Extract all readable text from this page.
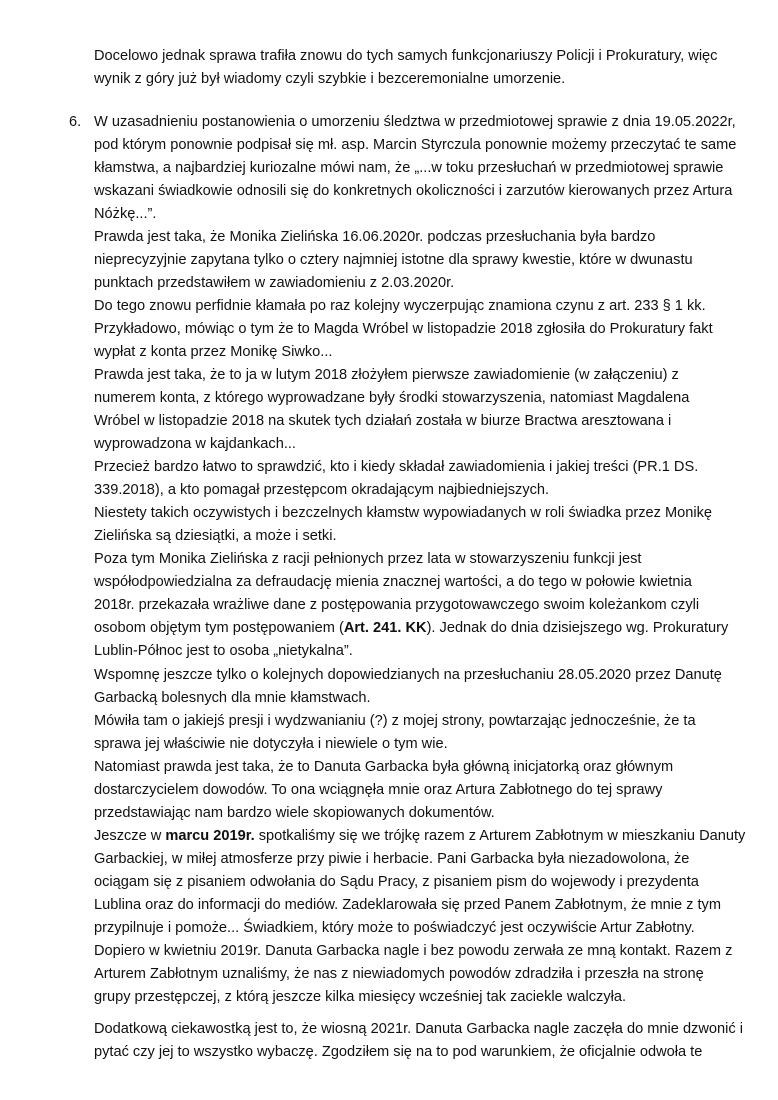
Docelowo jednak sprawa trafiła znowu do tych samych funkcjonariuszy Policji i Prokuratury, więc
wynik z góry już był wiadomy czyli szybkie i bezceremonialne umorzenie.
6. W uzasadnieniu postanowienia o umorzeniu śledztwa w przedmiotowej sprawie z dnia 19.05.2022r,
pod którym ponownie podpisał się mł. asp. Marcin Styrczula ponownie możemy przeczytać te same
kłamstwa, a najbardziej kuriozalne mówi nam, że „...w toku przesłuchań w przedmiotowej sprawie
wskazani świadkowie odnosili się do konkretnych okoliczności i zarzutów kierowanych przez Artura
Nóżkę...”.
Prawda jest taka, że Monika Zielińska 16.06.2020r. podczas przesłuchania była bardzo
nieprecyzyjnie zapytana tylko o cztery najmniej istotne dla sprawy kwestie, które w dwunastu
punktach przedstawiłem w zawiadomieniu z 2.03.2020r.
Do tego znowu perfidnie kłamała po raz kolejny wyczerpując znamiona czynu z art. 233 § 1 kk.
Przykładowo, mówiąc o tym że to Magda Wróbel w listopadzie 2018 zgłosiła do Prokuratury fakt
wypłat z konta przez Monikę Siwko...
Prawda jest taka, że to ja w lutym 2018 złożyłem pierwsze zawiadomienie (w załączeniu) z
numerem konta, z którego wyprowadzane były środki stowarzyszenia, natomiast Magdalena
Wróbel w listopadzie 2018 na skutek tych działań została w biurze Bractwa aresztowana i
wyprowadzona w kajdankach...
Przecież bardzo łatwo to sprawdzić, kto i kiedy składał zawiadomienia i jakiej treści (PR.1 DS.
339.2018), a kto pomagał przestępcom okradającym najbiedniejszych.
Niestety takich oczywistych i bezczelnych kłamstw wypowiadanych w roli świadka przez Monikę
Zielińska są dziesiątki, a może i setki.
Poza tym Monika Zielińska z racji pełnionych przez lata w stowarzyszeniu funkcji jest
współodpowiedzialna za defraudację mienia znacznej wartości, a do tego w połowie kwietnia
2018r. przekazała wrażliwe dane z postępowania przygotowawczego swoim koleżankom czyli
osobom objętym tym postępowaniem (Art. 241. KK). Jednak do dnia dzisiejszego wg. Prokuratury
Lublin-Północ jest to osoba „nietykalna”.
Wspomnę jeszcze tylko o kolejnych dopowiedzianych na przesłuchaniu 28.05.2020 przez Danutę
Garbacką bolesnych dla mnie kłamstwach.
Mówiła tam o jakiejś presji i wydzwanianiu (?) z mojej strony, powtarzając jednocześnie, że ta
sprawa jej właściwie nie dotyczyła i niewiele o tym wie.
Natomiast prawda jest taka, że to Danuta Garbacka była główną inicjatorką oraz głównym
dostarczycielem dowodów. To ona wciągnęła mnie oraz Artura Zabłotnego do tej sprawy
przedstawiając nam bardzo wiele skopiowanych dokumentów.
Jeszcze w marcu 2019r. spotkaliśmy się we trójkę razem z Arturem Zabłotnym w mieszkaniu Danuty
Garbackiej, w miłej atmosferze przy piwie i herbacie. Pani Garbacka była niezadowolona, że
ociągam się z pisaniem odwołania do Sądu Pracy, z pisaniem pism do wojewody i prezydenta
Lublina oraz do informacji do mediów. Zadeklarowała się przed Panem Zabłotnym, że mnie z tym
przypilnuje i pomoże... Świadkiem, który może to poświadczyć jest oczywiście Artur Zabłotny.
Dopiero w kwietniu 2019r. Danuta Garbacka nagle i bez powodu zerwała ze mną kontakt. Razem z
Arturem Zabłotnym uznaliśmy, że nas z niewiadomych powodów zdradziła i przeszła na stronę
grupy przestępczej, z którą jeszcze kilka miesięcy wcześniej tak zaciekle walczyła.
Dodatkową ciekawostką jest to, że wiosną 2021r. Danuta Garbacka nagle zaczęła do mnie dzwonić i
pytać czy jej to wszystko wybaczę. Zgodziłem się na to pod warunkiem, że oficjalnie odwoła te
